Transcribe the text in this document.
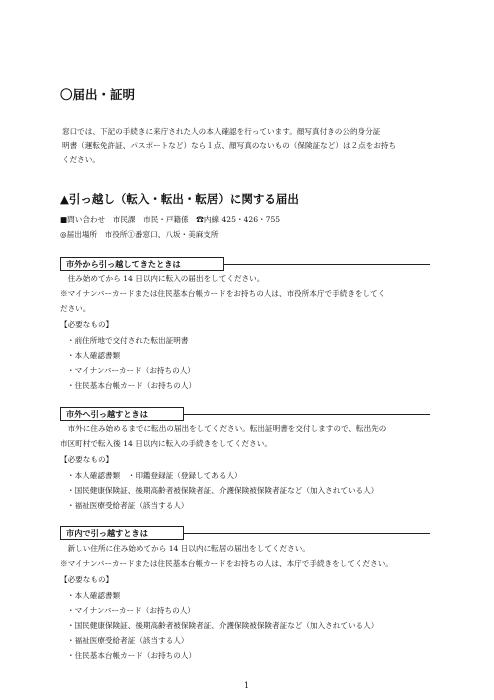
〇届出・証明
窓口では、下記の手続きに来庁された人の本人確認を行っています。顔写真付きの公的身分証
明書（運転免許証、パスポートなど）なら１点、顔写真のないもの（保険証など）は２点をお持ち
ください。
▲引っ越し（転入・転出・転居）に関する届出
■問い合わせ　市民課　市民・戸籍係　☎内線 425・426・755
◎届出場所　市役所①番窓口、八坂・美麻支所
市外から引っ越してきたときは
　住み始めてから 14 日以内に転入の届出をしてください。
※マイナンバーカードまたは住民基本台帳カードをお持ちの人は、市役所本庁で手続きをしてく
ださい。
【必要なもの】
・前住所地で交付された転出証明書
・本人確認書類
・マイナンバーカード（お持ちの人）
・住民基本台帳カード（お持ちの人）
市外へ引っ越すときは
　市外に住み始めるまでに転出の届出をしてください。転出証明書を交付しますので、転出先の
市区町村で転入後 14 日以内に転入の手続きをしてください。
【必要なもの】
・本人確認書類　・印鑑登録証（登録してある人）
・国民健康保険証、後期高齢者被保険者証、介護保険被保険者証など（加入されている人）
・福祉医療受給者証（該当する人）
市内で引っ越すときは
　新しい住所に住み始めてから 14 日以内に転居の届出をしてください。
※マイナンバーカードまたは住民基本台帳カードをお持ちの人は、本庁で手続きをしてください。
【必要なもの】
・本人確認書類
・マイナンバーカード（お持ちの人）
・国民健康保険証、後期高齢者被保険者証、介護保険被保険者証など（加入されている人）
・福祉医療受給者証（該当する人）
・住民基本台帳カード（お持ちの人）
1
